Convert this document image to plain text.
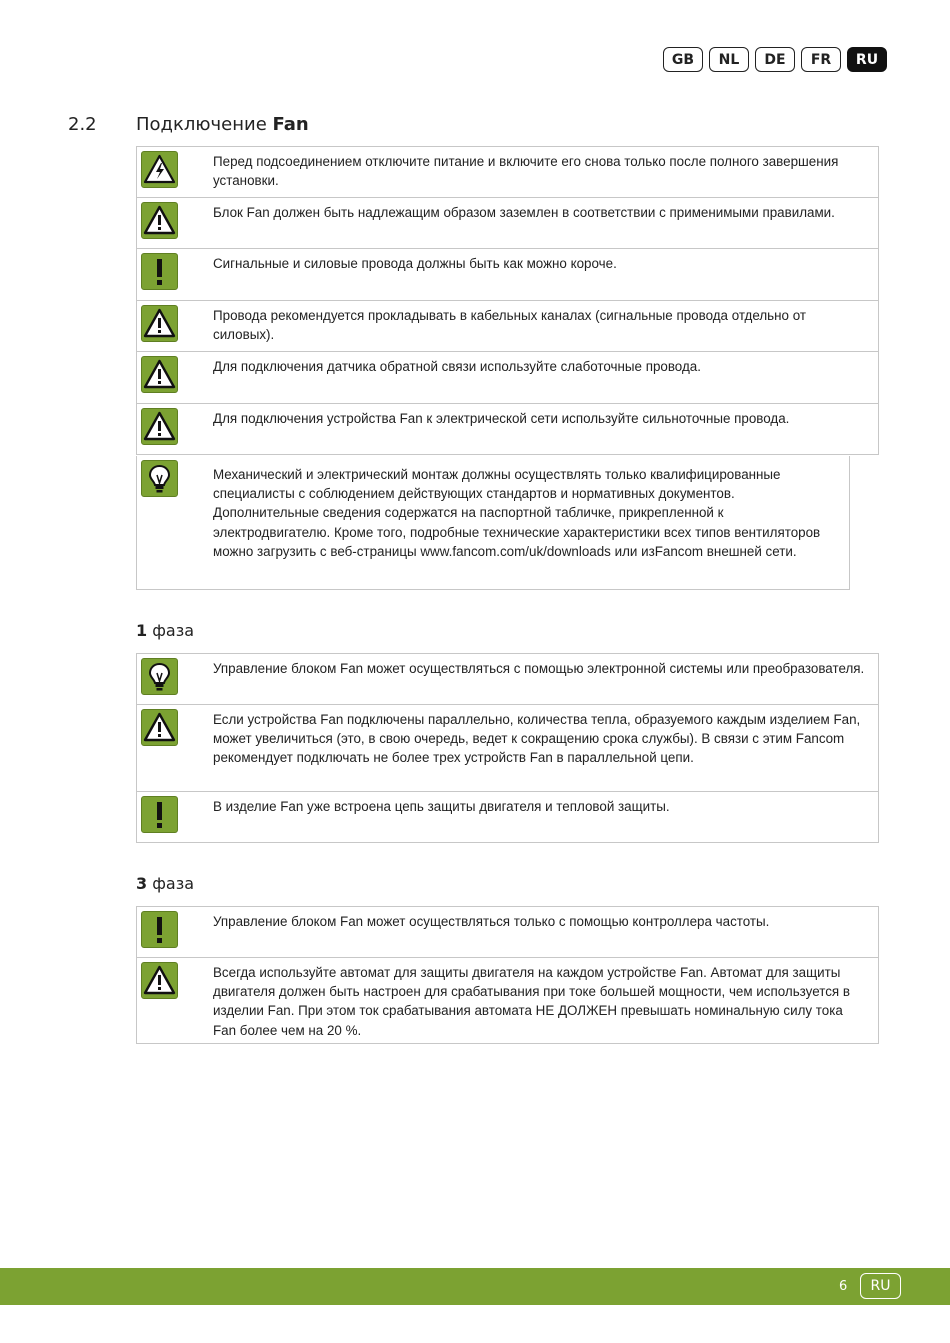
GB	NL	DE	FR	RU
2.2 Подключение Fan
Перед подсоединением отключите питание и включите его снова только после полного завершения установки.
Блок Fan должен быть надлежащим образом заземлен в соответствии с применимыми правилами.
Сигнальные и силовые провода должны быть как можно короче.
Провода рекомендуется прокладывать в кабельных каналах (сигнальные провода отдельно от силовых).
Для подключения датчика обратной связи используйте слаботочные провода.
Для подключения устройства Fan к электрической сети используйте сильноточные провода.
Механический и электрический монтаж должны осуществлять только квалифицированные специалисты с соблюдением действующих стандартов и нормативных документов. Дополнительные сведения содержатся на паспортной табличке, прикрепленной к электродвигателю. Кроме того, подробные технические характеристики всех типов вентиляторов можно загрузить с веб-страницы www.fancom.com/uk/downloads или изFancom внешней сети.
1 фаза
Управление блоком Fan может осуществляться с помощью электронной системы или преобразователя.
Если устройства Fan подключены параллельно, количества тепла, образуемого каждым изделием Fan, может увеличиться (это, в свою очередь, ведет к сокращению срока службы). В связи с этим Fancom рекомендует подключать не более трех устройств Fan в параллельной цепи.
В изделие Fan уже встроена цепь защиты двигателя и тепловой защиты.
3 фаза
Управление блоком Fan может осуществляться только с помощью контроллера частоты.
Всегда используйте автомат для защиты двигателя на каждом устройстве Fan. Автомат для защиты двигателя должен быть настроен для срабатывания при токе большей мощности, чем используется в изделии Fan. При этом ток срабатывания автомата НЕ ДОЛЖЕН превышать номинальную силу тока Fan более чем на 20 %.
6	RU
